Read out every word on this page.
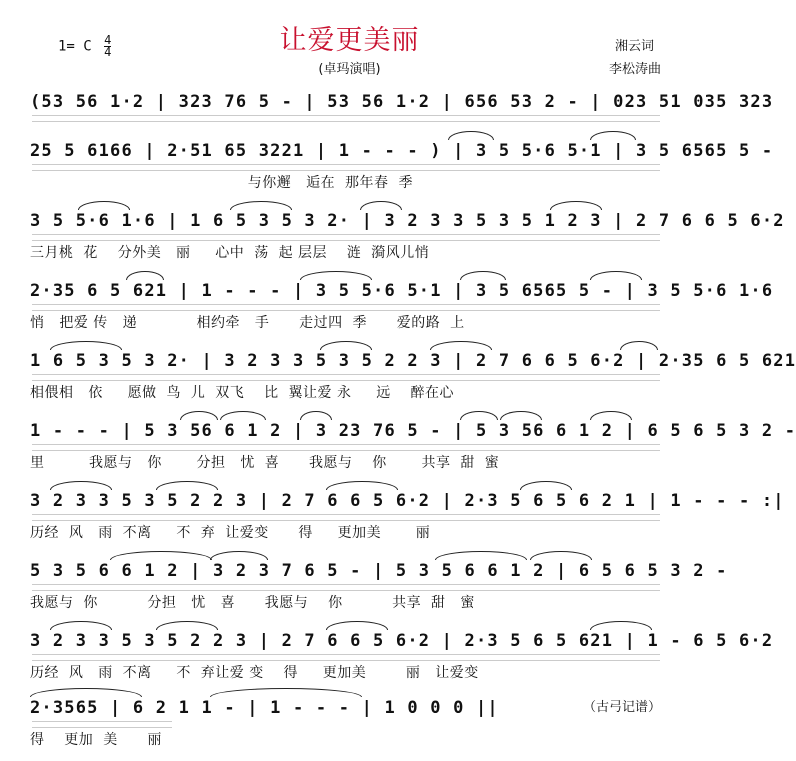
让爱更美丽
(卓玛演唱)
1= C $\frac{4}{4}$	湘云词
李松涛曲
(53 56 1·2 | 323 76 5 - | 53 56 1·2 | 656 53 2 - | 023 51 035 323
25 5 6166 | 2·51 65 3221 | 1 - - - ) | 3 5 5·6 5·1 | 3 5 6565 5 -
与你邂   逅在  那年春  季
3 5 5·6 1·6 | 1 6 5 3 5 3 2· | 3 2 3 3 5 3 5 1 2 3 | 2 7 6 6 5 6·2
三月桃  花    分外美   丽     心中  荡  起 层层    涟  漪风儿悄
2·35 6 5 621 | 1 - - - | 3 5 5·6 5·1 | 3 5 6565 5 - | 3 5 5·6 1·6
悄   把爱 传   递            相约牵   手      走过四  季      爱的路  上
1 6 5 3 5 3 2· | 3 2 3 3 5 3 5 2 2 3 | 2 7 6 6 5 6·2 | 2·35 6 5 621
相偎相   依     愿做  鸟  儿  双飞    比  翼让爱 永     远    醉在心
1 - - - | 5 3 56 6 1 2 | 3 23 76 5 - | 5 3 56 6 1 2 | 6 5 6 5 3 2 -
里         我愿与   你       分担   忧  喜      我愿与    你       共享  甜  蜜
3 2 3 3 5 3 5 2 2 3 | 2 7 6 6 5 6·2 | 2·3 5 6 5 6 2 1 | 1 - - - :|
历经  风   雨  不离     不  弃  让爱变      得     更加美       丽
5 3 5 6 6 1 2 | 3 2 3 7 6 5 - | 5 3 5 6 6 1 2 | 6 5 6 5 3 2 -
我愿与  你          分担   忧   喜      我愿与    你          共享  甜   蜜
3 2 3 3 5 3 5 2 2 3 | 2 7 6 6 5 6·2 | 2·3 5 6 5 621 | 1 - 6 5 6·2
历经  风   雨  不离     不  弃让爱 变    得     更加美        丽   让爱变
2·3565 | 6 2 1 1 - | 1 - - - | 1 0 0 0 ||
得    更加  美      丽
（古弓记谱）
